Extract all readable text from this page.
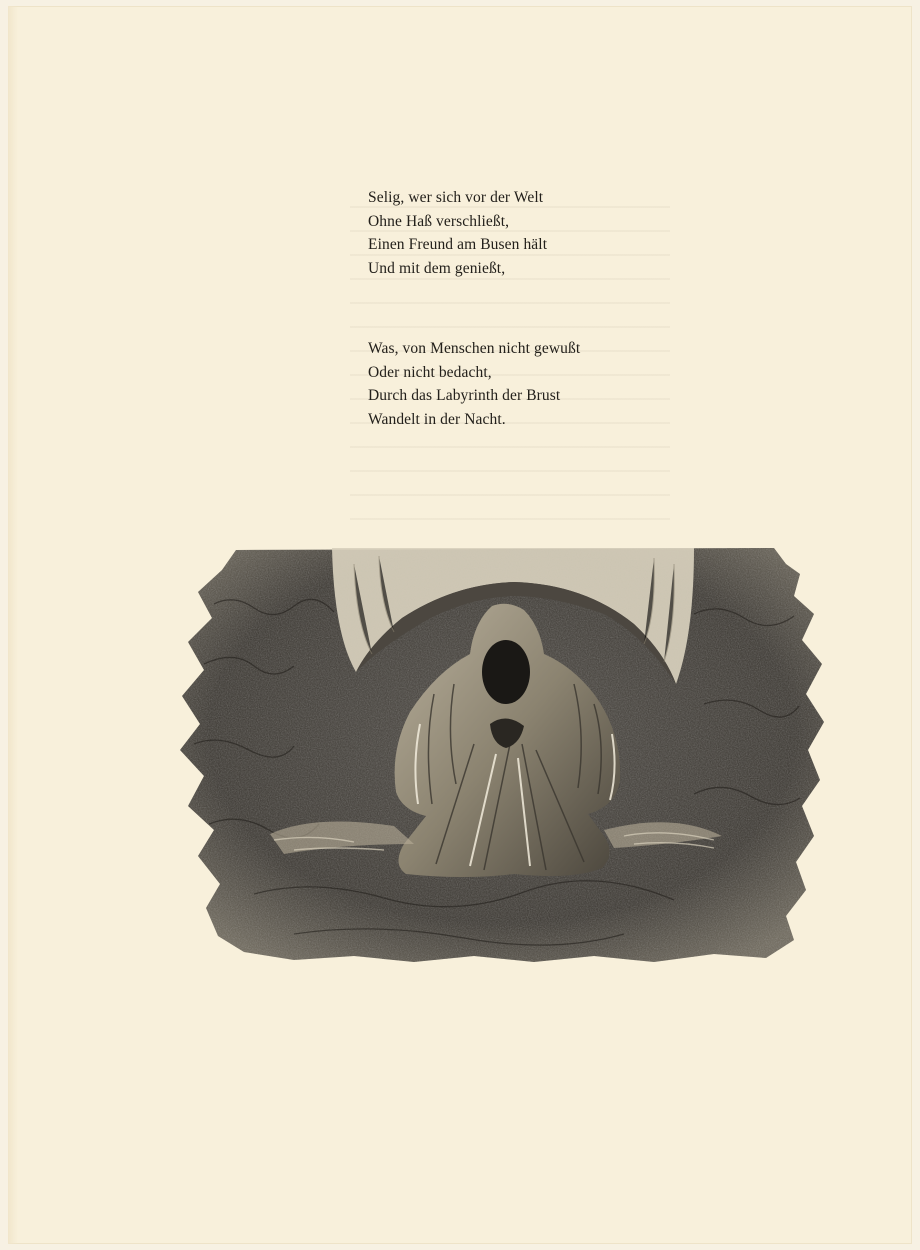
Selig, wer sich vor der Welt
Ohne Haß verschließt,
Einen Freund am Busen hält
Und mit dem genießt,
Was, von Menschen nicht gewußt
Oder nicht bedacht,
Durch das Labyrinth der Brust
Wandelt in der Nacht.
